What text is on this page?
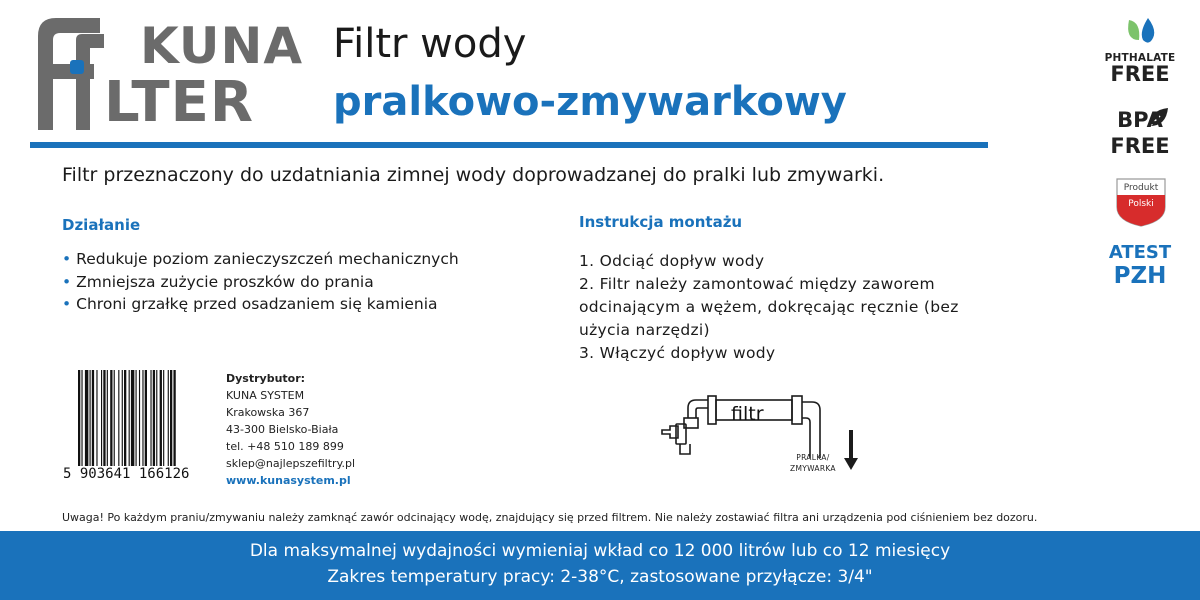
KUNA
LTER
Filtr wody
pralkowo-zmywarkowy
Filtr przeznaczony do uzdatniania zimnej wody doprowadzanej do pralki lub zmywarki.
Działanie
• Redukuje poziom zanieczyszczeń mechanicznych
• Zmniejsza zużycie proszków do prania
• Chroni grzałkę przed osadzaniem się kamienia
Instrukcja montażu
1. Odciąć dopływ wody
2. Filtr należy zamontować między zaworem odcinającym a wężem, dokręcając ręcznie (bez użycia narzędzi)
3. Włączyć dopływ wody
5 903641 166126
Dystrybutor:
KUNA SYSTEM
Krakowska 367
43-300 Bielsko-Biała
tel. +48 510 189 899
sklep@najlepszefiltry.pl
www.kunasystem.pl
filtr
PRALKA/
ZMYWARKA
Uwaga! Po każdym praniu/zmywaniu należy zamknąć zawór odcinający wodę, znajdujący się przed filtrem. Nie należy zostawiać filtra ani urządzenia pod ciśnieniem bez dozoru.
Dla maksymalnej wydajności wymieniaj wkład co 12 000 litrów lub co 12 miesięcy
Zakres temperatury pracy: 2-38°C, zastosowane przyłącze: 3/4"
PHTHALATE
FREE
BPA
FREE
Produkt
Polski
ATEST
PZH
